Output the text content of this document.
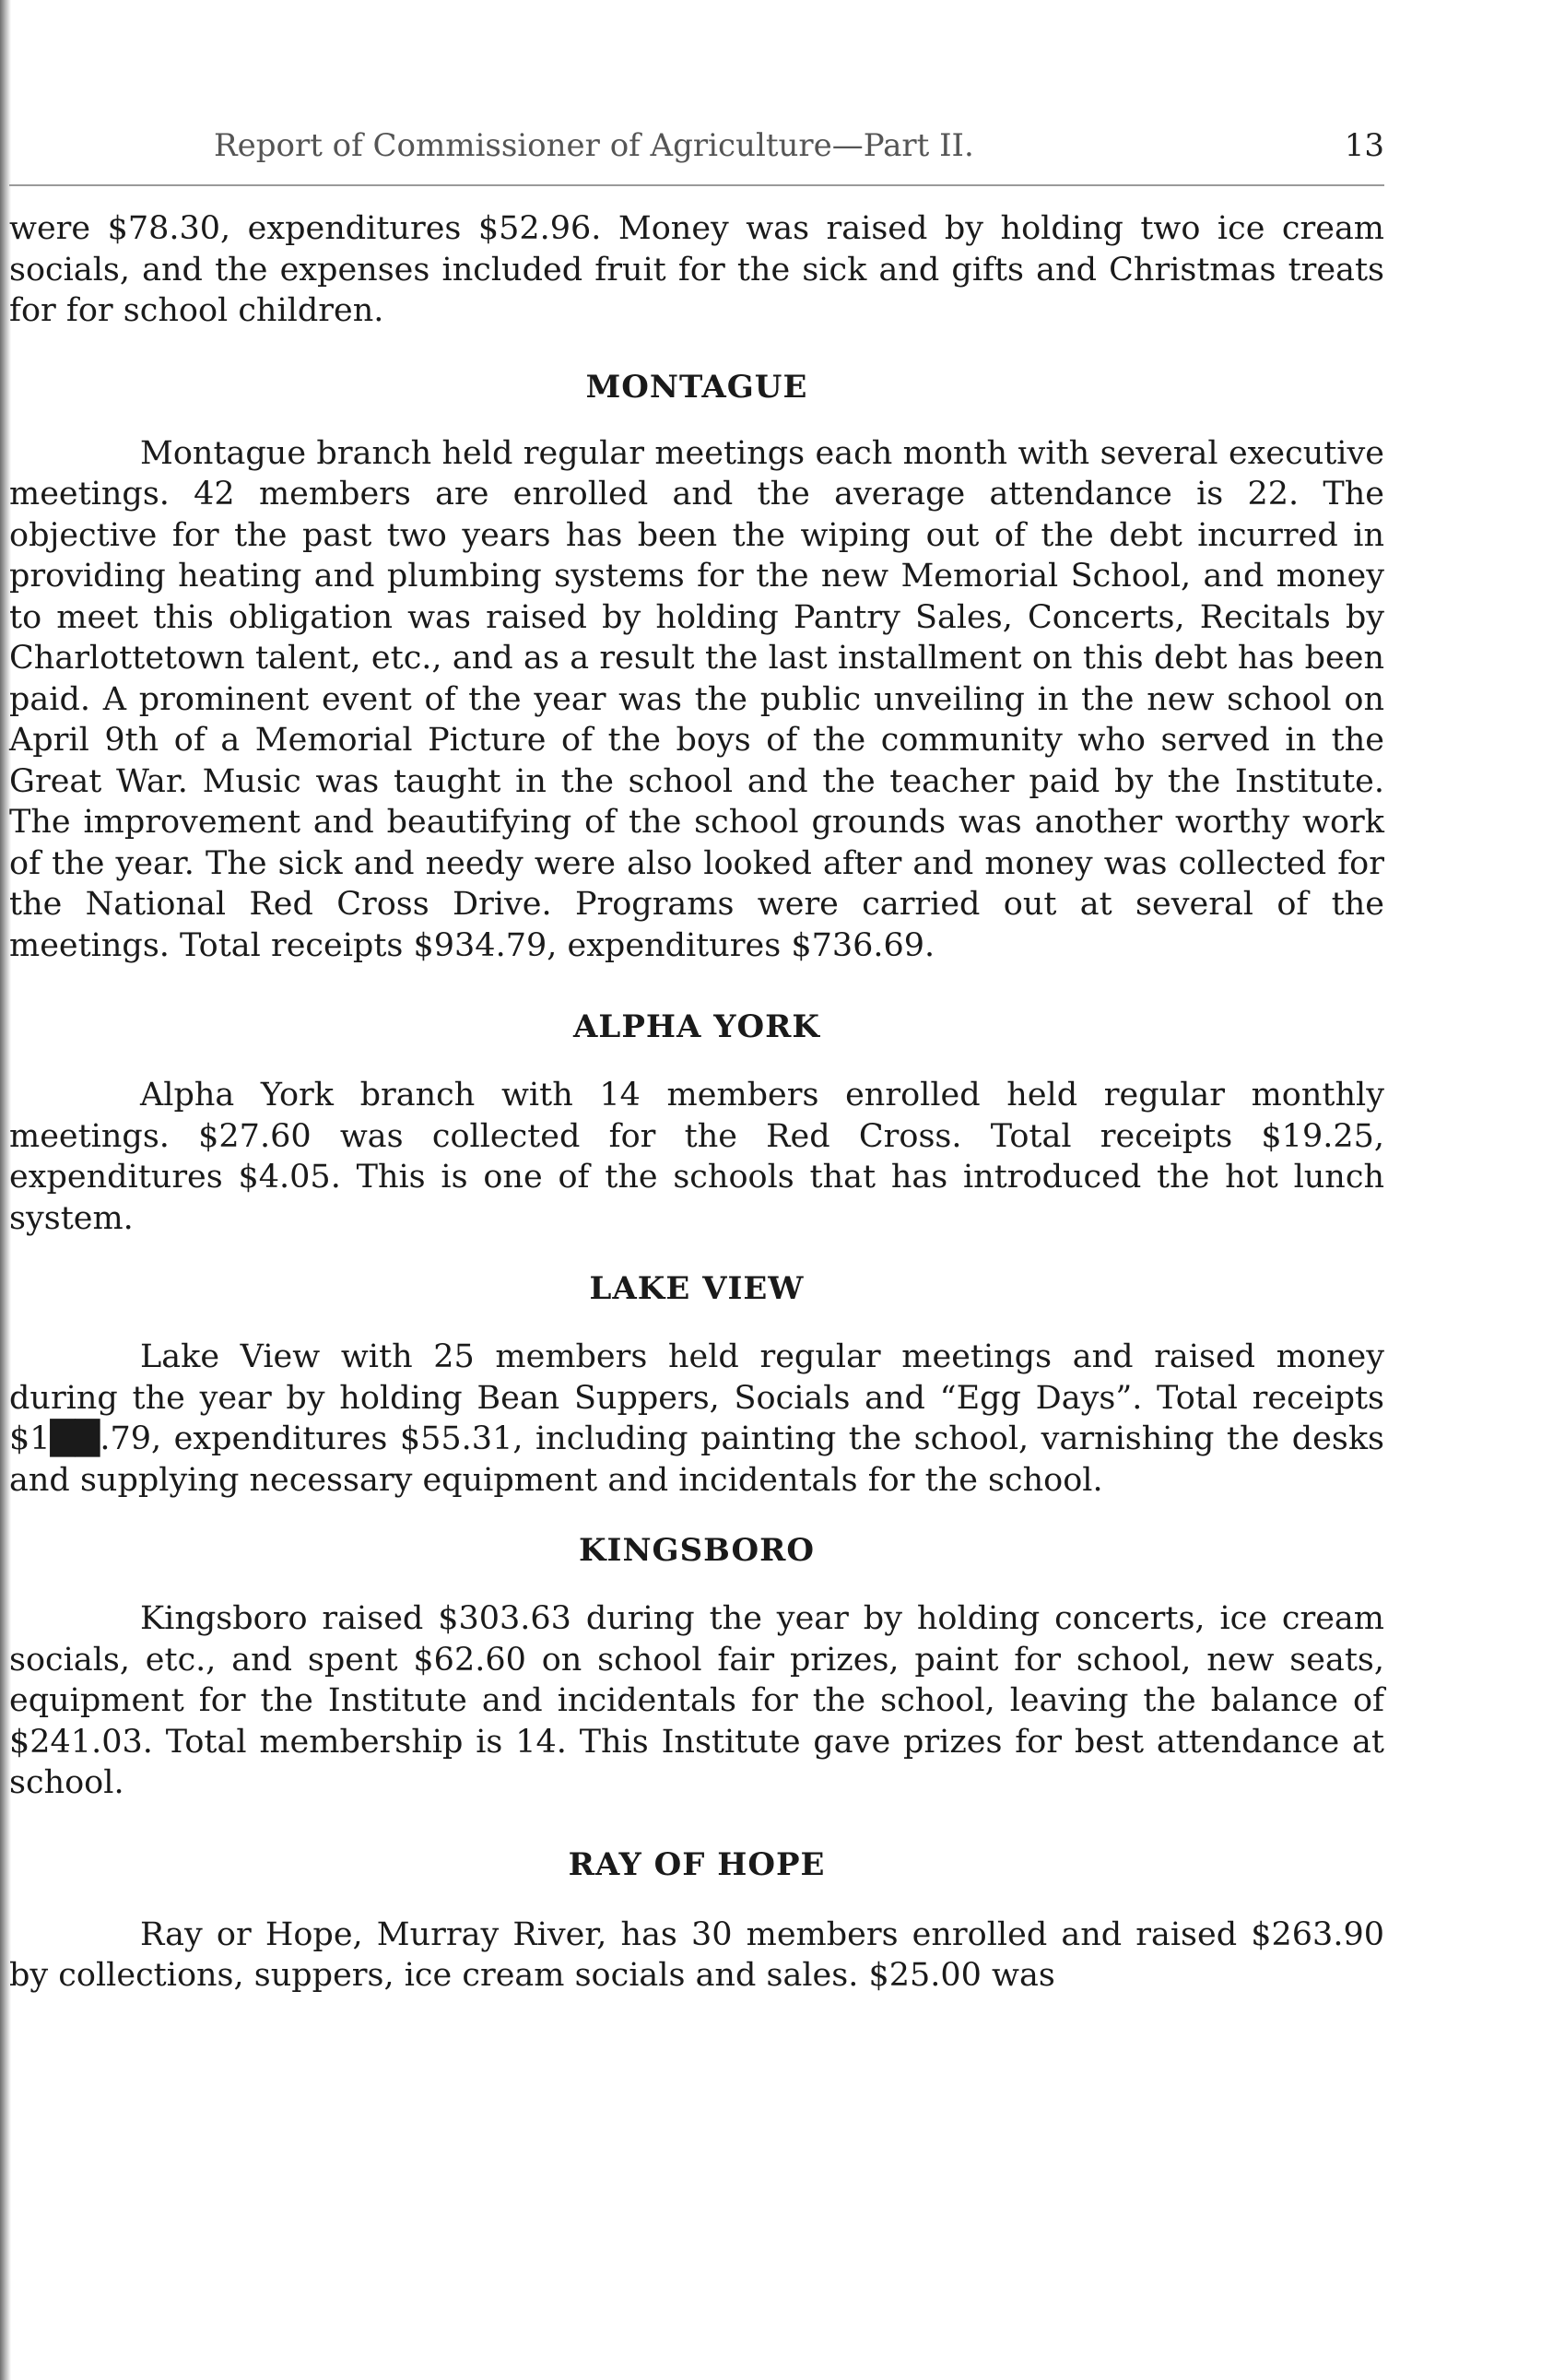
Report of Commissioner of Agriculture—Part II.	13

were $78.30, expenditures $52.96. Money was raised by holding two ice cream socials, and the expenses included fruit for the sick and gifts and Christmas treats for for school children.

MONTAGUE

Montague branch held regular meetings each month with several executive meetings. 42 members are enrolled and the average attendance is 22. The objective for the past two years has been the wiping out of the debt incurred in providing heating and plumbing systems for the new Memorial School, and money to meet this obligation was raised by holding Pantry Sales, Concerts, Recitals by Charlottetown talent, etc., and as a result the last installment on this debt has been paid. A prominent event of the year was the public unveiling in the new school on April 9th of a Memorial Picture of the boys of the community who served in the Great War. Music was taught in the school and the teacher paid by the Institute. The improvement and beautifying of the school grounds was another worthy work of the year. The sick and needy were also looked after and money was collected for the National Red Cross Drive. Programs were carried out at several of the meetings. Total receipts $934.79, expenditures $736.69.

ALPHA YORK

Alpha York branch with 14 members enrolled held regular monthly meetings. $27.60 was collected for the Red Cross. Total receipts $19.25, expenditures $4.05. This is one of the schools that has introduced the hot lunch system.

LAKE VIEW

Lake View with 25 members held regular meetings and raised money during the year by holding Bean Suppers, Socials and “Egg Days”. Total receipts $1██.79, expenditures $55.31, including painting the school, varnishing the desks and supplying necessary equipment and incidentals for the school.

KINGSBORO

Kingsboro raised $303.63 during the year by holding concerts, ice cream socials, etc., and spent $62.60 on school fair prizes, paint for school, new seats, equipment for the Institute and incidentals for the school, leaving the balance of $241.03. Total membership is 14. This Institute gave prizes for best attendance at school.

RAY OF HOPE

Ray or Hope, Murray River, has 30 members enrolled and raised $263.90 by collections, suppers, ice cream socials and sales. $25.00 was
